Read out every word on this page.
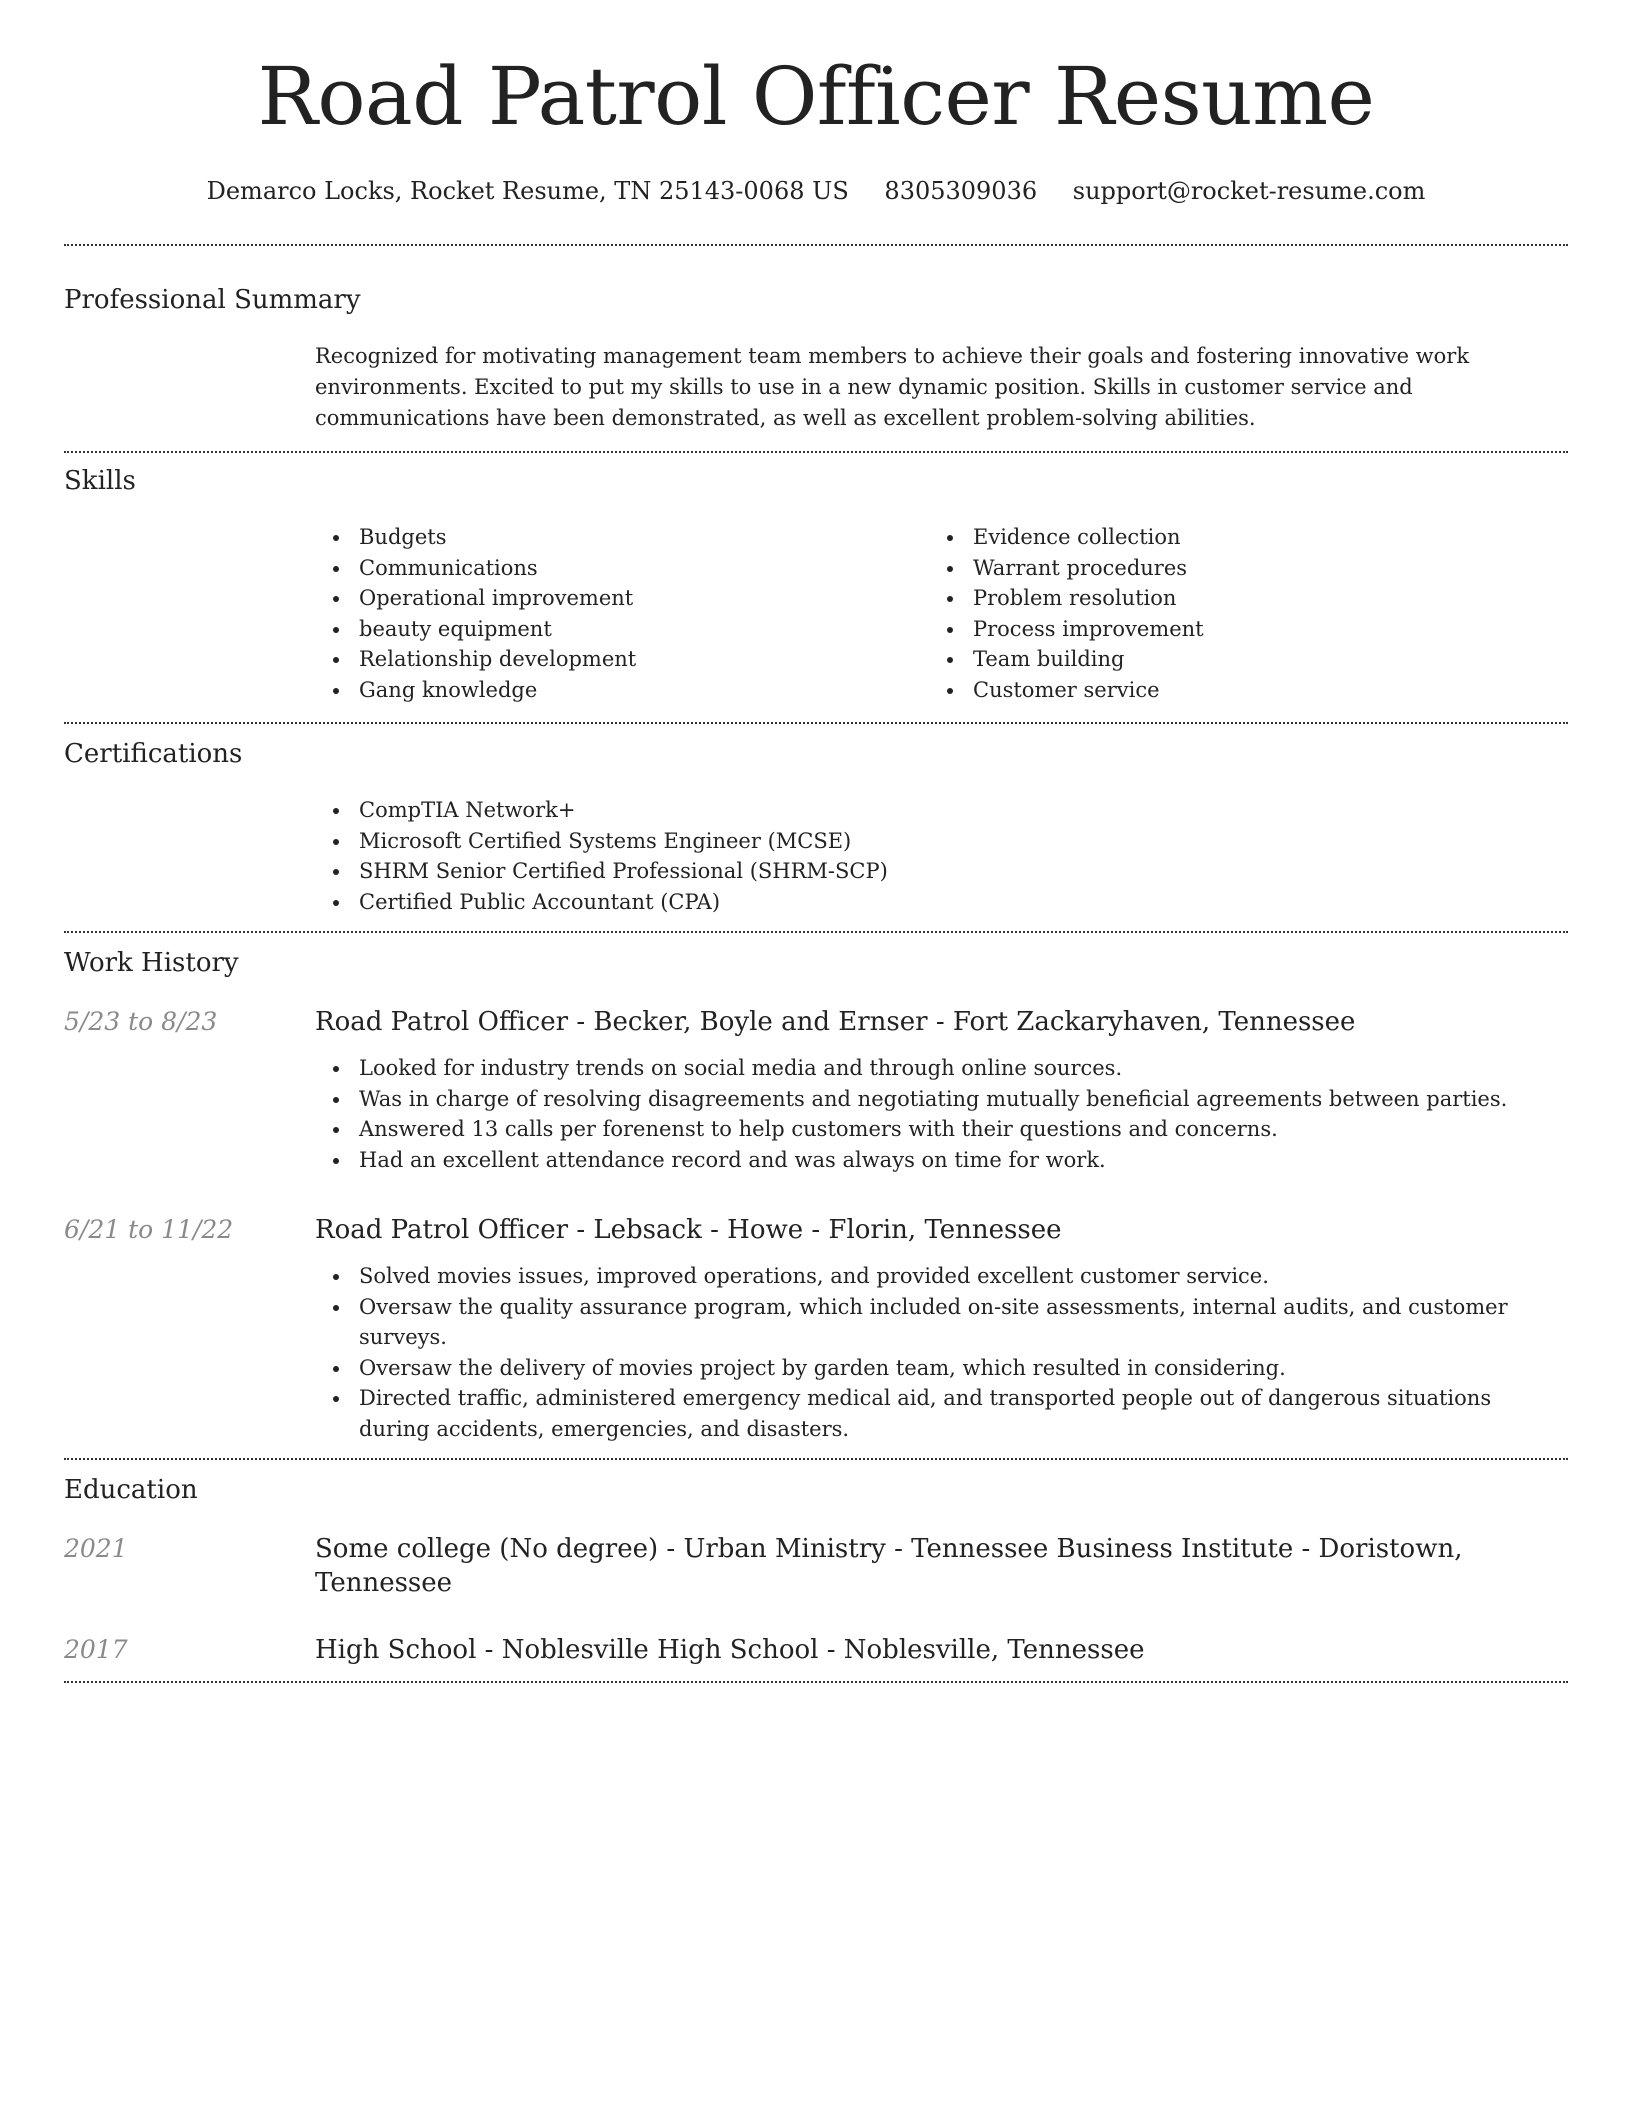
Road Patrol Officer Resume
Demarco Locks, Rocket Resume, TN 25143-0068 US 8305309036 support@rocket-resume.com
Professional Summary

Recognized for motivating management team members to achieve their goals and fostering innovative work environments. Excited to put my skills to use in a new dynamic position. Skills in customer service and communications have been demonstrated, as well as excellent problem-solving abilities.

Skills
Budgets
Communications
Operational improvement
beauty equipment
Relationship development
Gang knowledge
Evidence collection
Warrant procedures
Problem resolution
Process improvement
Team building
Customer service
Certifications
CompTIA Network+
Microsoft Certified Systems Engineer (MCSE)
SHRM Senior Certified Professional (SHRM-SCP)
Certified Public Accountant (CPA)
Work History
5/23 to 8/23	Road Patrol Officer - Becker, Boyle and Ernser - Fort Zackaryhaven, Tennessee
Looked for industry trends on social media and through online sources.
Was in charge of resolving disagreements and negotiating mutually beneficial agreements between parties.
Answered 13 calls per forenenst to help customers with their questions and concerns.
Had an excellent attendance record and was always on time for work.
6/21 to 11/22	Road Patrol Officer - Lebsack - Howe - Florin, Tennessee
Solved movies issues, improved operations, and provided excellent customer service.
Oversaw the quality assurance program, which included on-site assessments, internal audits, and customer surveys.
Oversaw the delivery of movies project by garden team, which resulted in considering.
Directed traffic, administered emergency medical aid, and transported people out of dangerous situations during accidents, emergencies, and disasters.
Education
2021	Some college (No degree) - Urban Ministry - Tennessee Business Institute - Doristown, Tennessee
2017	High School - Noblesville High School - Noblesville, Tennessee
